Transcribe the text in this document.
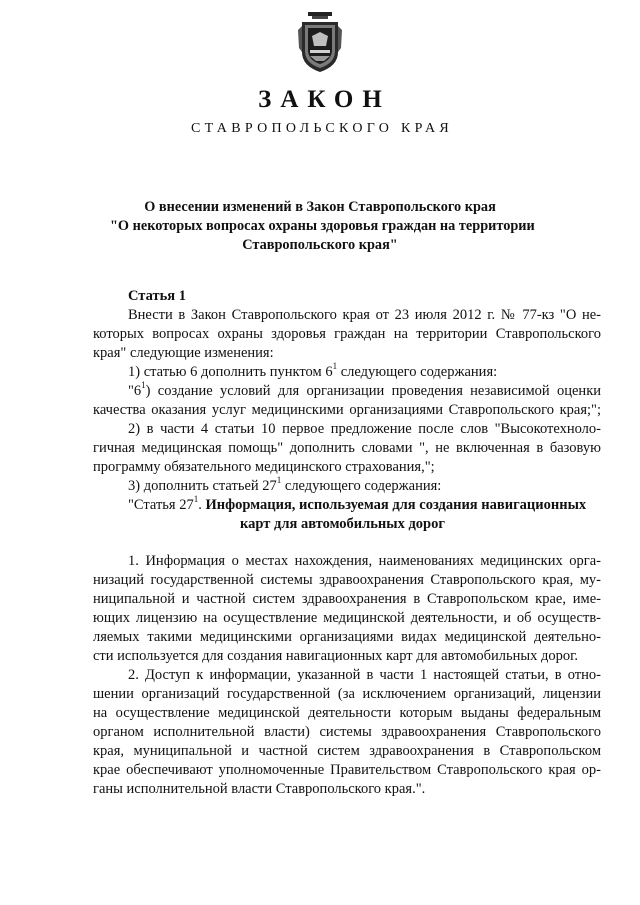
ЗАКОН
СТАВРОПОЛЬСКОГО КРАЯ
О внесении изменений в Закон Ставропольского края
"О некоторых вопросах охраны здоровья граждан на территории
Ставропольского края"
Статья 1
Внести в Закон Ставропольского края от 23 июля 2012 г. № 77-кз "О не-
которых вопросах охраны здоровья граждан на территории Ставропольского
края" следующие изменения:
1) статью 6 дополнить пунктом $6^1$ следующего содержания:
"$6^1$) создание условий для организации проведения независимой оценки
качества оказания услуг медицинскими организациями Ставропольского края;";
2) в части 4 статьи 10 первое предложение после слов "Высокотехноло-
гичная медицинская помощь" дополнить словами ", не включенная в базовую
программу обязательного медицинского страхования,";
3) дополнить статьей $27^1$ следующего содержания:
"Статья $27^1$. Информация, используемая для создания навигационных
карт для автомобильных дорог
1. Информация о местах нахождения, наименованиях медицинских орга-
низаций государственной системы здравоохранения Ставропольского края, му-
ниципальной и частной систем здравоохранения в Ставропольском крае, име-
ющих лицензию на осуществление медицинской деятельности, и об осуществ-
ляемых такими медицинскими организациями видах медицинской деятельно-
сти используется для создания навигационных карт для автомобильных дорог.
2. Доступ к информации, указанной в части 1 настоящей статьи, в отно-
шении организаций государственной (за исключением организаций, лицензии
на осуществление медицинской деятельности которым выданы федеральным
органом исполнительной власти) системы здравоохранения Ставропольского
края, муниципальной и частной систем здравоохранения в Ставропольском
крае обеспечивают уполномоченные Правительством Ставропольского края ор-
ганы исполнительной власти Ставропольского края.".
